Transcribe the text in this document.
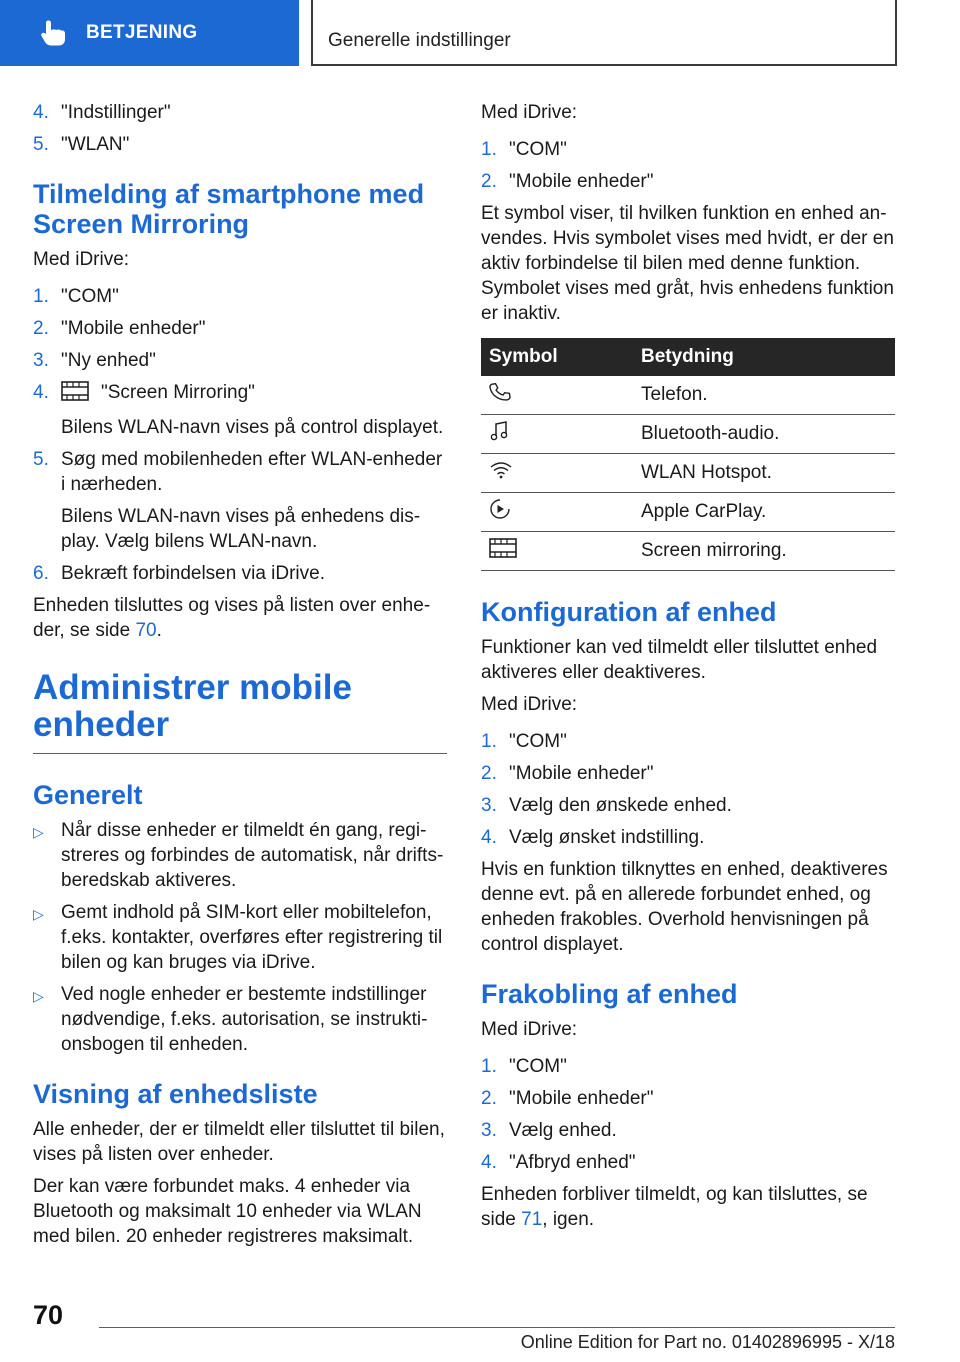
BETJENING	Generelle indstillinger
4. "Indstillinger"
5. "WLAN"
Tilmelding af smartphone med Screen Mirroring

Med iDrive:

1. "COM"
2. "Mobile enheder"
3. "Ny enhed"
4.	"Screen Mirroring"
Bilens WLAN-navn vises på control displayet.
5. Søg med mobilenheden efter WLAN-enheder i nærheden.
Bilens WLAN-navn vises på enhedens display. Vælg bilens WLAN-navn.
6. Bekræft forbindelsen via iDrive.

Enheden tilsluttes og vises på listen over enheder, se side 70.

Administrer mobile enheder
Generelt
▷ Når disse enheder er tilmeldt én gang, registreres og forbindes de automatisk, når driftsberedskab aktiveres.
▷ Gemt indhold på SIM-kort eller mobiltelefon, f.eks. kontakter, overføres efter registrering til bilen og kan bruges via iDrive.
▷ Ved nogle enheder er bestemte indstillinger nødvendige, f.eks. autorisation, se instruktionsbogen til enheden.
Visning af enhedsliste

Alle enheder, der er tilmeldt eller tilsluttet til bilen, vises på listen over enheder.

Der kan være forbundet maks. 4 enheder via Bluetooth og maksimalt 10 enheder via WLAN med bilen. 20 enheder registreres maksimalt.

Med iDrive:

1. "COM"
2. "Mobile enheder"

Et symbol viser, til hvilken funktion en enhed anvendes. Hvis symbolet vises med hvidt, er der en aktiv forbindelse til bilen med denne funktion. Symbolet vises med gråt, hvis enhedens funktion er inaktiv.

Symbol	Betydning
	Telefon.
	Bluetooth-audio.
	WLAN Hotspot.
	Apple CarPlay.
	Screen mirroring.
Konfiguration af enhed

Funktioner kan ved tilmeldt eller tilsluttet enhed aktiveres eller deaktiveres.

Med iDrive:

1. "COM"
2. "Mobile enheder"
3. Vælg den ønskede enhed.
4. Vælg ønsket indstilling.

Hvis en funktion tilknyttes en enhed, deaktiveres denne evt. på en allerede forbundet enhed, og enheden frakobles. Overhold henvisningen på control displayet.

Frakobling af enhed

Med iDrive:

1. "COM"
2. "Mobile enheder"
3. Vælg enhed.
4. "Afbryd enhed"

Enheden forbliver tilmeldt, og kan tilsluttes, se side 71, igen.

70
Online Edition for Part no. 01402896995 - X/18
